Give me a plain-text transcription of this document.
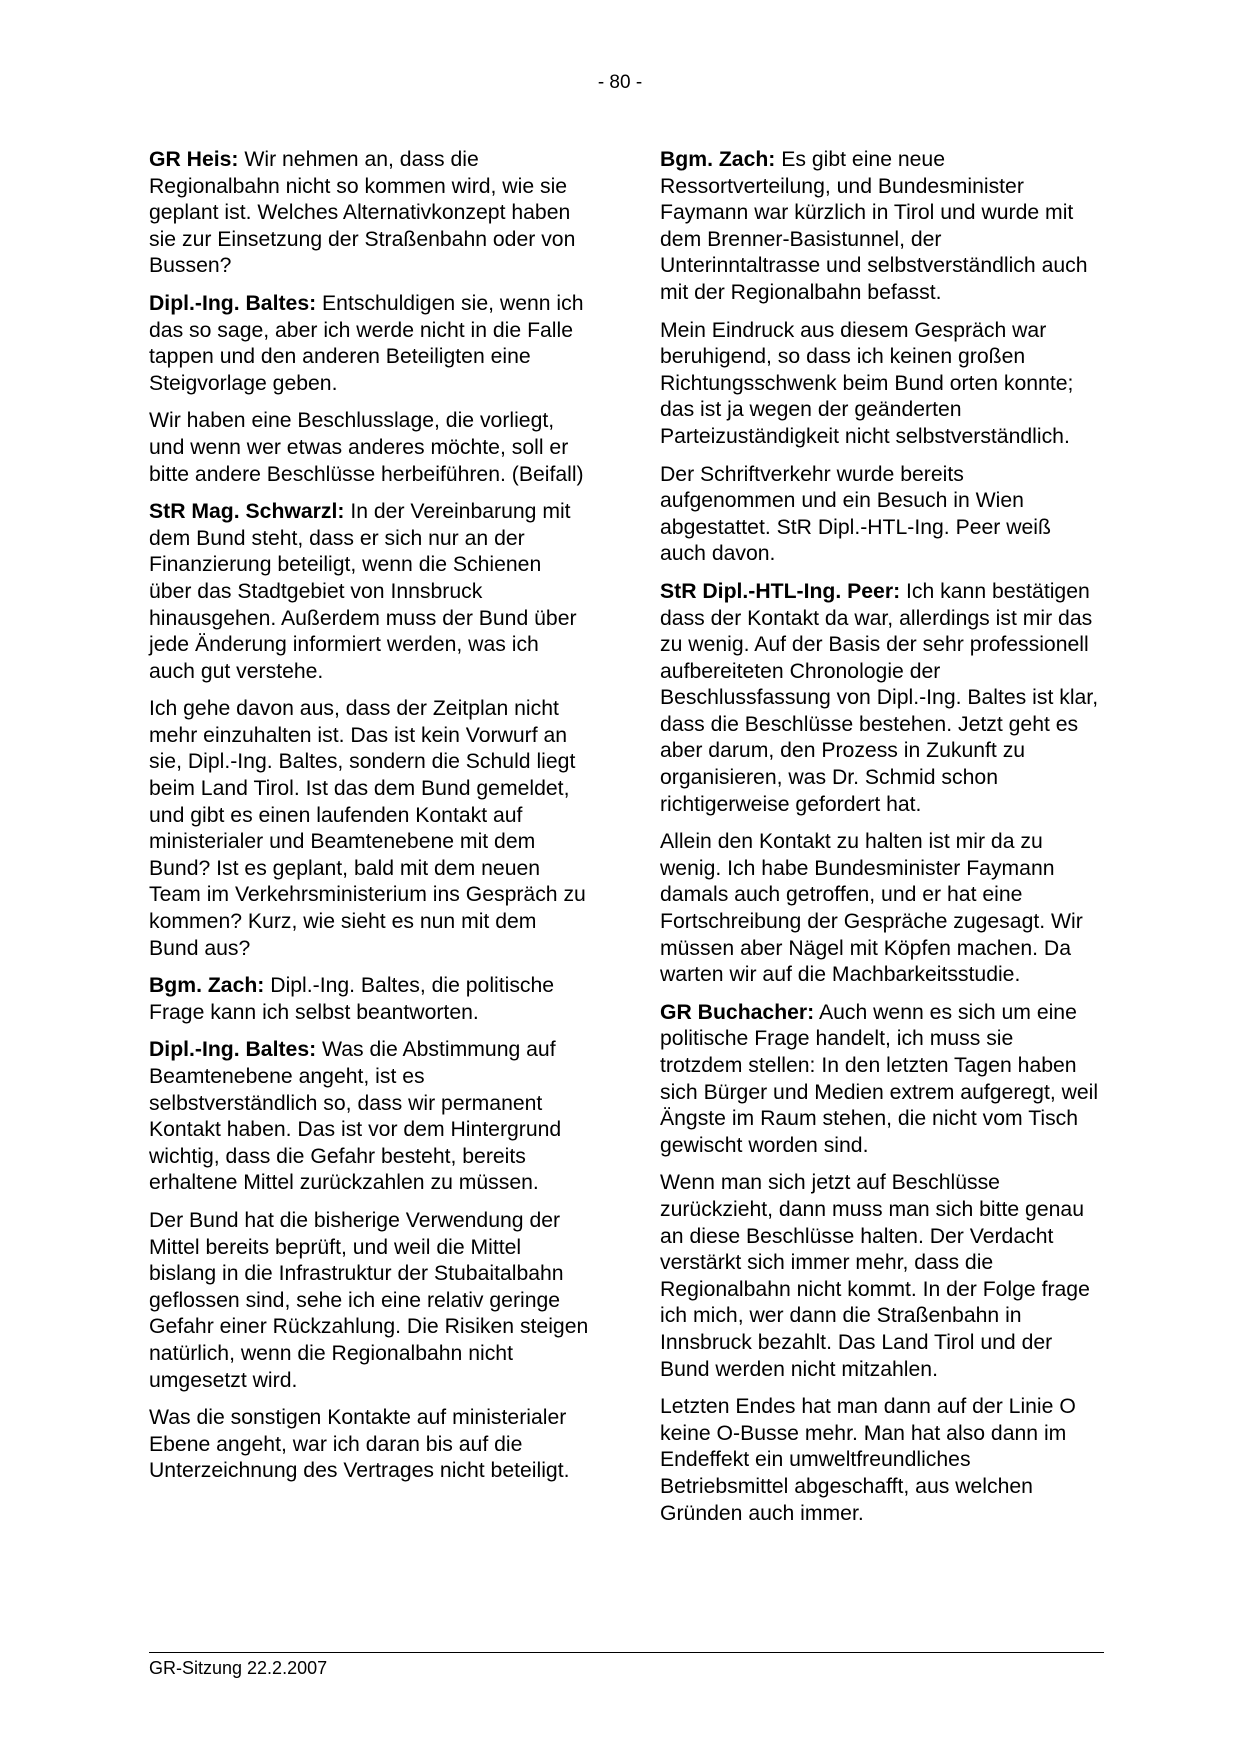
- 80 -

GR Heis: Wir nehmen an, dass die Regionalbahn nicht so kommen wird, wie sie geplant ist. Welches Alternativkonzept haben sie zur Einsetzung der Straßenbahn oder von Bussen?

Dipl.-Ing. Baltes: Entschuldigen sie, wenn ich das so sage, aber ich werde nicht in die Falle tappen und den anderen Beteiligten eine Steigvorlage geben.

Wir haben eine Beschlusslage, die vorliegt, und wenn wer etwas anderes möchte, soll er bitte andere Beschlüsse herbeiführen. (Beifall)

StR Mag. Schwarzl: In der Vereinbarung mit dem Bund steht, dass er sich nur an der Finanzierung beteiligt, wenn die Schienen über das Stadtgebiet von Innsbruck hinausgehen. Außerdem muss der Bund über jede Änderung informiert werden, was ich auch gut verstehe.

Ich gehe davon aus, dass der Zeitplan nicht mehr einzuhalten ist. Das ist kein Vorwurf an sie, Dipl.-Ing. Baltes, sondern die Schuld liegt beim Land Tirol. Ist das dem Bund gemeldet, und gibt es einen laufenden Kontakt auf ministerialer und Beamtenebene mit dem Bund? Ist es geplant, bald mit dem neuen Team im Verkehrsministerium ins Gespräch zu kommen? Kurz, wie sieht es nun mit dem Bund aus?

Bgm. Zach: Dipl.-Ing. Baltes, die politische Frage kann ich selbst beantworten.

Dipl.-Ing. Baltes: Was die Abstimmung auf Beamtenebene angeht, ist es selbstverständlich so, dass wir permanent Kontakt haben. Das ist vor dem Hintergrund wichtig, dass die Gefahr besteht, bereits erhaltene Mittel zurückzahlen zu müssen.

Der Bund hat die bisherige Verwendung der Mittel bereits beprüft, und weil die Mittel bislang in die Infrastruktur der Stubaitalbahn geflossen sind, sehe ich eine relativ geringe Gefahr einer Rückzahlung. Die Risiken steigen natürlich, wenn die Regionalbahn nicht umgesetzt wird.

Was die sonstigen Kontakte auf ministerialer Ebene angeht, war ich daran bis auf die Unterzeichnung des Vertrages nicht beteiligt.

Bgm. Zach: Es gibt eine neue Ressortverteilung, und Bundesminister Faymann war kürzlich in Tirol und wurde mit dem Brenner-Basistunnel, der Unterinntaltrasse und selbstverständlich auch mit der Regionalbahn befasst.

Mein Eindruck aus diesem Gespräch war beruhigend, so dass ich keinen großen Richtungsschwenk beim Bund orten konnte; das ist ja wegen der geänderten Parteizuständigkeit nicht selbstverständlich.

Der Schriftverkehr wurde bereits aufgenommen und ein Besuch in Wien abgestattet. StR Dipl.-HTL-Ing. Peer weiß auch davon.

StR Dipl.-HTL-Ing. Peer: Ich kann bestätigen dass der Kontakt da war, allerdings ist mir das zu wenig. Auf der Basis der sehr professionell aufbereiteten Chronologie der Beschlussfassung von Dipl.-Ing. Baltes ist klar, dass die Beschlüsse bestehen. Jetzt geht es aber darum, den Prozess in Zukunft zu organisieren, was Dr. Schmid schon richtigerweise gefordert hat.

Allein den Kontakt zu halten ist mir da zu wenig. Ich habe Bundesminister Faymann damals auch getroffen, und er hat eine Fortschreibung der Gespräche zugesagt. Wir müssen aber Nägel mit Köpfen machen. Da warten wir auf die Machbarkeitsstudie.

GR Buchacher: Auch wenn es sich um eine politische Frage handelt, ich muss sie trotzdem stellen: In den letzten Tagen haben sich Bürger und Medien extrem aufgeregt, weil Ängste im Raum stehen, die nicht vom Tisch gewischt worden sind.

Wenn man sich jetzt auf Beschlüsse zurückzieht, dann muss man sich bitte genau an diese Beschlüsse halten. Der Verdacht verstärkt sich immer mehr, dass die Regionalbahn nicht kommt. In der Folge frage ich mich, wer dann die Straßenbahn in Innsbruck bezahlt. Das Land Tirol und der Bund werden nicht mitzahlen.

Letzten Endes hat man dann auf der Linie O keine O-Busse mehr. Man hat also dann im Endeffekt ein umweltfreundliches Betriebsmittel abgeschafft, aus welchen Gründen auch immer.

GR-Sitzung 22.2.2007
